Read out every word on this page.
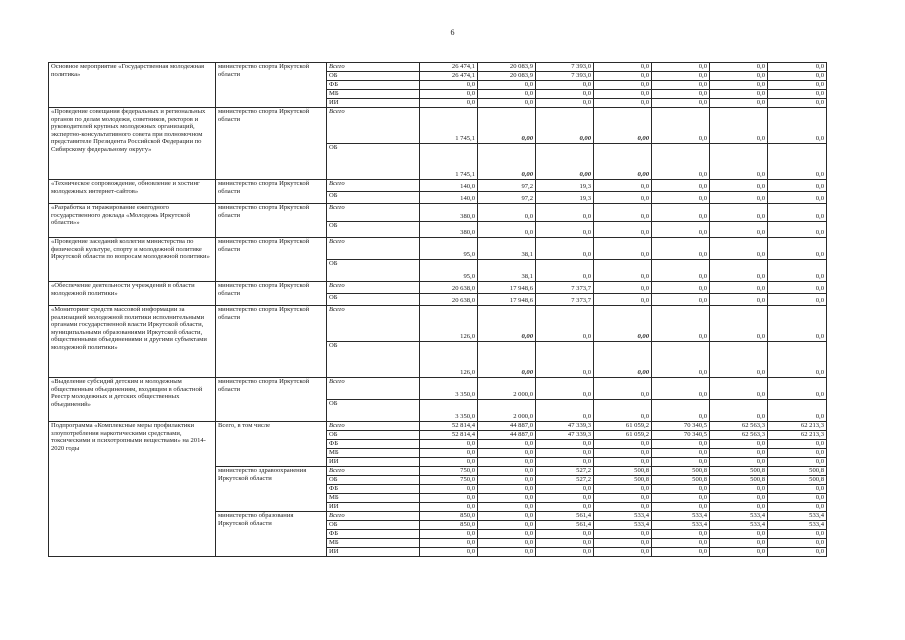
6
Основное мероприятие «Государственная молодежная политика»	министерство спорта Иркутской области	Всего	26 474,1	20 083,9	7 393,0	0,0	0,0	0,0	0,0
		ОБ	26 474,1	20 083,9	7 393,0	0,0	0,0	0,0	0,0
		ФБ	0,0	0,0	0,0	0,0	0,0	0,0	0,0
		МБ	0,0	0,0	0,0	0,0	0,0	0,0	0,0
		ИИ	0,0	0,0	0,0	0,0	0,0	0,0	0,0
«Проведение совещания федеральных и региональных органов по делам молодежи, советников, ректоров и руководителей крупных молодежных организаций, экспертно-консультативного совета при полномочном представителе Президента Российской Федерации по Сибирскому федеральному округу»	министерство спорта Иркутской области	Всего	1 745,1	0,00	0,00	0,00	0,0	0,0	0,0
		ОБ	1 745,1	0,00	0,00	0,00	0,0	0,0	0,0
«Техническое сопровождение, обновление и хостинг молодежных интернет-сайтов»	министерство спорта Иркутской области	Всего	140,0	97,2	19,3	0,0	0,0	0,0	0,0
		ОБ	140,0	97,2	19,3	0,0	0,0	0,0	0,0
«Разработка и тиражирование ежегодного государственного доклада «Молодежь Иркутской области»»	министерство спорта Иркутской области	Всего	380,0	0,0	0,0	0,0	0,0	0,0	0,0
		ОБ	380,0	0,0	0,0	0,0	0,0	0,0	0,0
«Проведение заседаний коллегии министерства по физической культуре, спорту и молодежной политике Иркутской области по вопросам молодежной политики»	министерство спорта Иркутской области	Всего	95,0	38,1	0,0	0,0	0,0	0,0	0,0
		ОБ	95,0	38,1	0,0	0,0	0,0	0,0	0,0
«Обеспечение деятельности учреждений в области молодежной политики»	министерство спорта Иркутской области	Всего	20 638,0	17 948,6	7 373,7	0,0	0,0	0,0	0,0
		ОБ	20 638,0	17 948,6	7 373,7	0,0	0,0	0,0	0,0
«Мониторинг средств массовой информации за реализацией молодежной политики исполнительными органами государственной власти Иркутской области, муниципальными образованиями Иркутской области, общественными объединениями и другими субъектами молодежной политики»	министерство спорта Иркутской области	Всего	126,0	0,00	0,0	0,00	0,0	0,0	0,0
		ОБ	126,0	0,00	0,0	0,00	0,0	0,0	0,0
«Выделение субсидий детским и молодежным общественным объединениям, входящим в областной Реестр молодежных и детских общественных объединений»	министерство спорта Иркутской области	Всего	3 350,0	2 000,0	0,0	0,0	0,0	0,0	0,0
		ОБ	3 350,0	2 000,0	0,0	0,0	0,0	0,0	0,0
Подпрограмма «Комплексные меры профилактики злоупотребления наркотическими средствами, токсическими и психотропными веществами» на 2014-2020 годы	Всего, в том числе	Всего	52 814,4	44 887,0	47 339,3	61 059,2	70 340,5	62 563,3	62 213,3
		ОБ	52 814,4	44 887,0	47 339,3	61 059,2	70 340,5	62 563,3	62 213,3
		ФБ	0,0	0,0	0,0	0,0	0,0	0,0	0,0
		МБ	0,0	0,0	0,0	0,0	0,0	0,0	0,0
		ИИ	0,0	0,0	0,0	0,0	0,0	0,0	0,0
	министерство здравоохранения Иркутской области	Всего	750,0	0,0	527,2	500,8	500,8	500,8	500,8
		ОБ	750,0	0,0	527,2	500,8	500,8	500,8	500,8
		ФБ	0,0	0,0	0,0	0,0	0,0	0,0	0,0
		МБ	0,0	0,0	0,0	0,0	0,0	0,0	0,0
		ИИ	0,0	0,0	0,0	0,0	0,0	0,0	0,0
	министерство образования Иркутской области	Всего	850,0	0,0	561,4	533,4	533,4	533,4	533,4
		ОБ	850,0	0,0	561,4	533,4	533,4	533,4	533,4
		ФБ	0,0	0,0	0,0	0,0	0,0	0,0	0,0
		МБ	0,0	0,0	0,0	0,0	0,0	0,0	0,0
		ИИ	0,0	0,0	0,0	0,0	0,0	0,0	0,0
